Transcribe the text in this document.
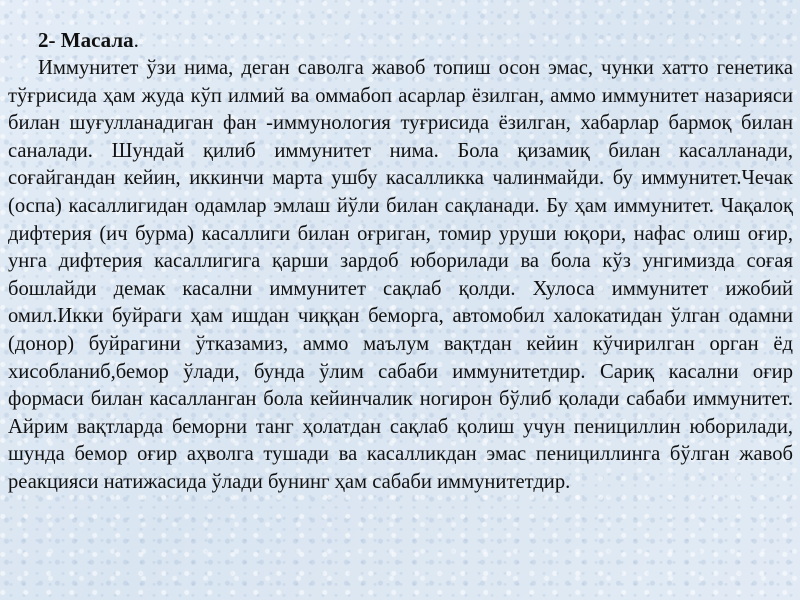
2- Масала.

Иммунитет ўзи нима, деган саволга жавоб топиш осон эмас, чунки хатто генетика тўғрисида ҳам жуда кўп илмий ва оммабоп асарлар ёзилган, аммо иммунитет назарияси билан шуғулланадиган фан -иммунология туғрисида ёзилган, хабарлар бармоқ билан саналади. Шундай қилиб иммунитет нима. Бола қизамиқ билан касалланади, соғайгандан кейин, иккинчи марта ушбу касалликка чалинмайди. бу иммунитет.Чечак (оспа) касаллигидан одамлар эмлаш йўли билан сақланади. Бу ҳам иммунитет. Чақалоқ дифтерия (ич бурма) касаллиги билан оғриган, томир уруши юқори, нафас олиш оғир, унга дифтерия касаллигига қарши зардоб юборилади ва бола кўз унгимизда соғая бошлайди демак касални иммунитет сақлаб қолди. Хулоса иммунитет ижобий омил.Икки буйраги ҳам ишдан чиққан беморга, автомобил халокатидан ўлган одамни (донор) буйрагини ўтказамиз, аммо маълум вақтдан кейин кўчирилган орган ёд хисобланиб,бемор ўлади, бунда ўлим сабаби иммунитетдир. Сариқ касални оғир формаси билан касалланган бола кейинчалик ногирон бўлиб қолади сабаби иммунитет. Айрим вақтларда беморни танг ҳолатдан сақлаб қолиш учун пенициллин юборилади, шунда бемор оғир аҳволга тушади ва касалликдан эмас пенициллинга бўлган жавоб реакцияси натижасида ўлади бунинг ҳам сабаби иммунитетдир.
